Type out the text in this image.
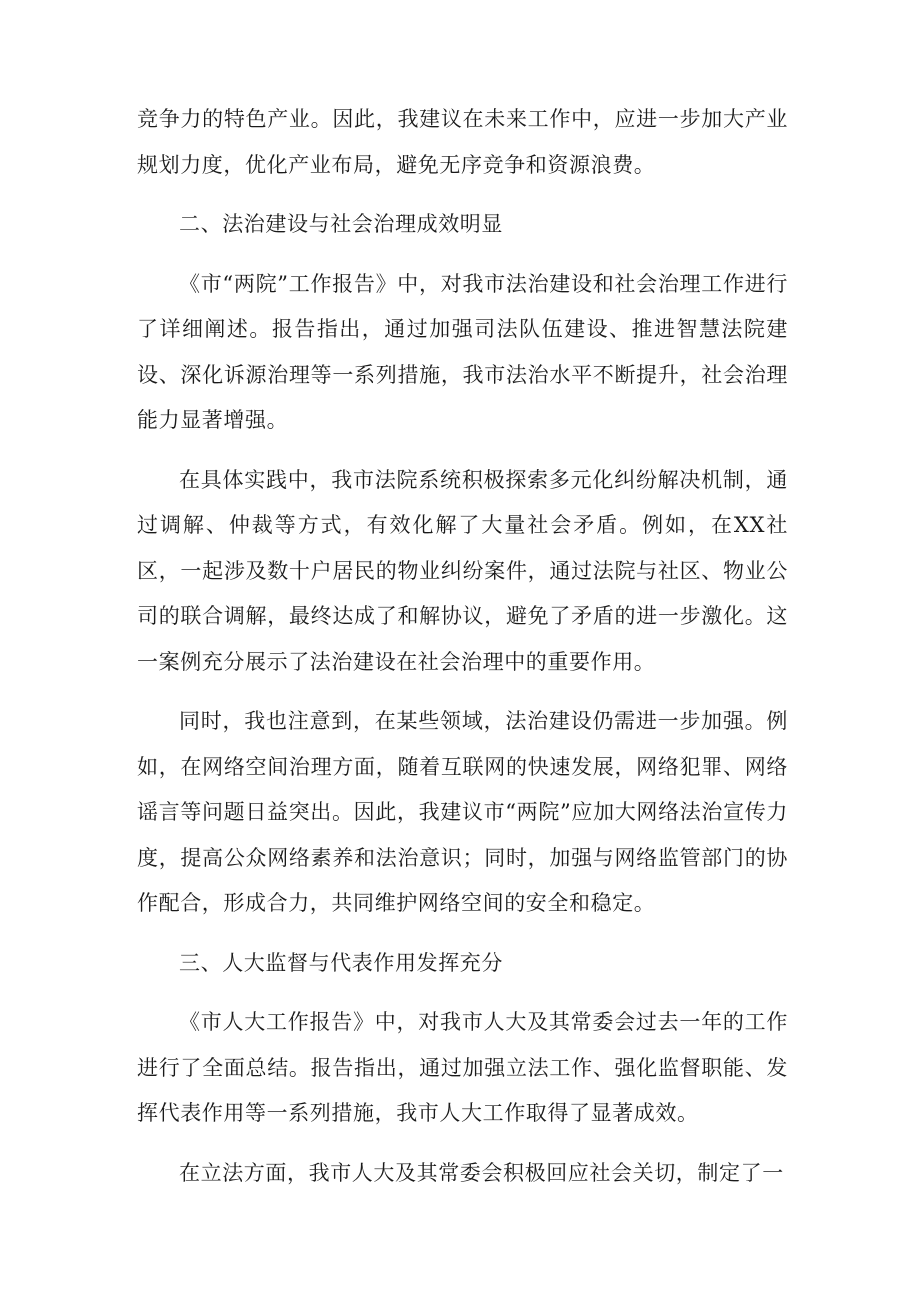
竞争力的特色产业。因此，我建议在未来工作中，应进一步加大产业规划力度，优化产业布局，避免无序竞争和资源浪费。

二、法治建设与社会治理成效明显

《市“两院”工作报告》中，对我市法治建设和社会治理工作进行了详细阐述。报告指出，通过加强司法队伍建设、推进智慧法院建设、深化诉源治理等一系列措施，我市法治水平不断提升，社会治理能力显著增强。

在具体实践中，我市法院系统积极探索多元化纠纷解决机制，通过调解、仲裁等方式，有效化解了大量社会矛盾。例如，在XX社区，一起涉及数十户居民的物业纠纷案件，通过法院与社区、物业公司的联合调解，最终达成了和解协议，避免了矛盾的进一步激化。这一案例充分展示了法治建设在社会治理中的重要作用。

同时，我也注意到，在某些领域，法治建设仍需进一步加强。例如，在网络空间治理方面，随着互联网的快速发展，网络犯罪、网络谣言等问题日益突出。因此，我建议市“两院”应加大网络法治宣传力度，提高公众网络素养和法治意识；同时，加强与网络监管部门的协作配合，形成合力，共同维护网络空间的安全和稳定。

三、人大监督与代表作用发挥充分

《市人大工作报告》中，对我市人大及其常委会过去一年的工作进行了全面总结。报告指出，通过加强立法工作、强化监督职能、发挥代表作用等一系列措施，我市人大工作取得了显著成效。

在立法方面，我市人大及其常委会积极回应社会关切，制定了一
